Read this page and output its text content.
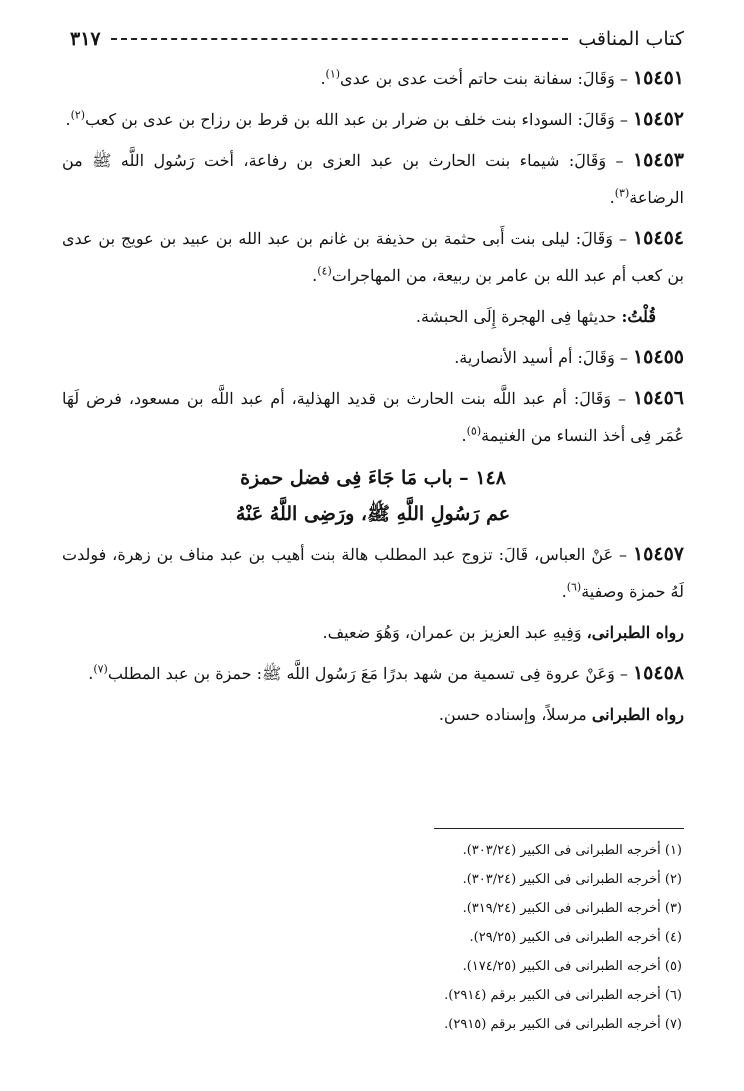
كتاب المناقب
٣١٧

١٥٤٥١ – وَقَالَ: سفانة بنت حاتم أخت عدى بن عدى$^{(١)}$.

١٥٤٥٢ – وَقَالَ: السوداء بنت خلف بن ضرار بن عبد الله بن قرط بن رزاح بن عدى بن كعب$^{(٢)}$.

١٥٤٥٣ – وَقَالَ: شيماء بنت الحارث بن عبد العزى بن رفاعة، أخت رَسُول اللَّه ﷺ من الرضاعة$^{(٣)}$.

١٥٤٥٤ – وَقَالَ: ليلى بنت أَبى حثمة بن حذيفة بن غانم بن عبد الله بن عبيد بن عويج بن عدى بن كعب أم عبد الله بن عامر بن ربيعة، من المهاجرات$^{(٤)}$.

قُلْتُ: حديثها فِى الهجرة إِلَى الحبشة.

١٥٤٥٥ – وَقَالَ: أم أسيد الأنصارية.

١٥٤٥٦ – وَقَالَ: أم عبد اللَّه بنت الحارث بن قديد الهذلية، أم عبد اللَّه بن مسعود، فرض لَهَا عُمَر فِى أخذ النساء من الغنيمة$^{(٥)}$.

١٤٨ – باب مَا جَاءَ فِى فضل حمزة
عم رَسُولِ اللَّهِ ﷺ، ورَضِى اللَّهُ عَنْهُ

١٥٤٥٧ – عَنْ العباس، قَالَ: تزوج عبد المطلب هالة بنت أهيب بن عبد مناف بن زهرة، فولدت لَهُ حمزة وصفية$^{(٦)}$.

رواه الطبرانى، وَفِيهِ عبد العزيز بن عمران، وَهُوَ ضعيف.

١٥٤٥٨ – وَعَنْ عروة فِى تسمية من شهد بدرًا مَعَ رَسُول اللَّه ﷺ: حمزة بن عبد المطلب$^{(٧)}$.

رواه الطبرانى مرسلاً، وإسناده حسن.

(١) أخرجه الطبرانى فى الكبير (٣٠٣/٢٤).
(٢) أخرجه الطبرانى فى الكبير (٣٠٣/٢٤).
(٣) أخرجه الطبرانى فى الكبير (٣١٩/٢٤).
(٤) أخرجه الطبرانى فى الكبير (٢٩/٢٥).
(٥) أخرجه الطبرانى فى الكبير (١٧٤/٢٥).
(٦) أخرجه الطبرانى فى الكبير برقم (٢٩١٤).
(٧) أخرجه الطبرانى فى الكبير برقم (٢٩١٥).
